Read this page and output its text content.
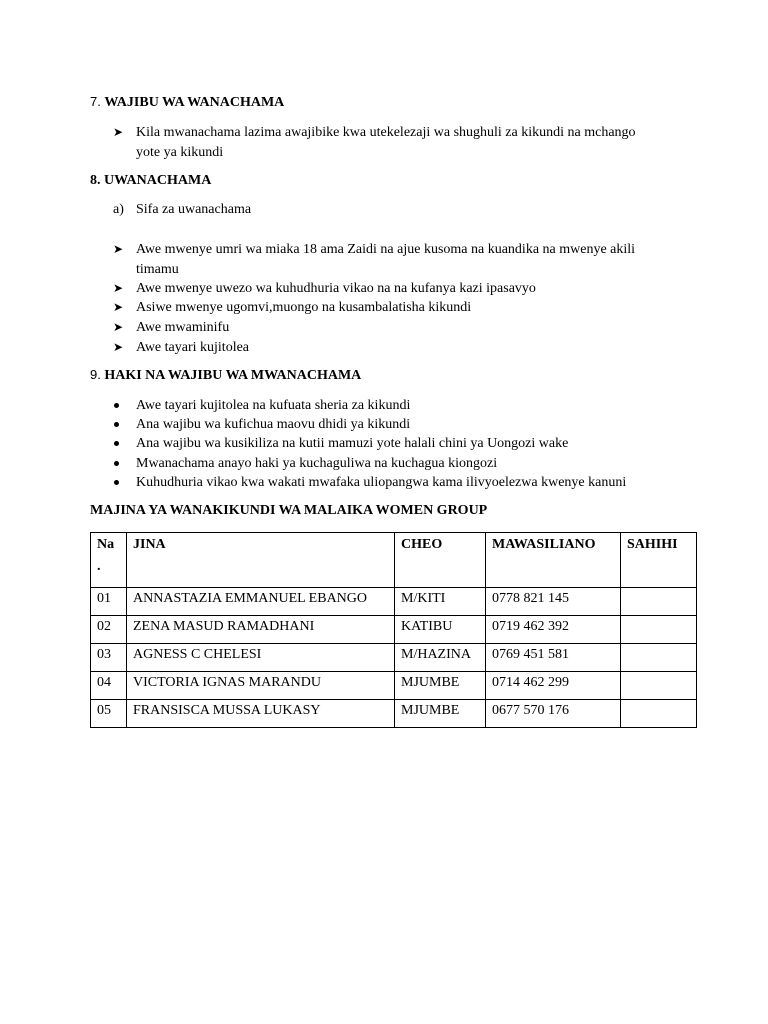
7. WAJIBU WA WANACHAMA
➤ Kila mwanachama lazima awajibike kwa utekelezaji wa shughuli za kikundi na mchango
yote ya kikundi
8. UWANACHAMA
a) Sifa za uwanachama
➤ Awe mwenye umri wa miaka 18 ama Zaidi na ajue kusoma na kuandika na mwenye akili
timamu
➤ Awe mwenye uwezo wa kuhudhuria vikao na na kufanya kazi ipasavyo
➤ Asiwe mwenye ugomvi,muongo na kusambalatisha kikundi
➤ Awe mwaminifu
➤ Awe tayari kujitolea
9. HAKI NA WAJIBU WA MWANACHAMA
Awe tayari kujitolea na kufuata sheria za kikundi
Ana wajibu wa kufichua maovu dhidi ya kikundi
Ana wajibu wa kusikiliza na kutii mamuzi yote halali chini ya Uongozi wake
Mwanachama anayo haki ya kuchaguliwa na kuchagua kiongozi
Kuhudhuria vikao kwa wakati mwafaka uliopangwa kama ilivyoelezwa kwenye kanuni
MAJINA YA WANAKIKUNDI WA MALAIKA WOMEN GROUP
Na
.	JINA	CHEO	MAWASILIANO	SAHIHI
01	ANNASTAZIA EMMANUEL EBANGO	M/KITI	0778 821 145	
02	ZENA MASUD RAMADHANI	KATIBU	0719 462 392	
03	AGNESS C CHELESI	M/HAZINA	0769 451 581	
04	VICTORIA IGNAS MARANDU	MJUMBE	0714 462 299	
05	FRANSISCA MUSSA LUKASY	MJUMBE	0677 570 176	
